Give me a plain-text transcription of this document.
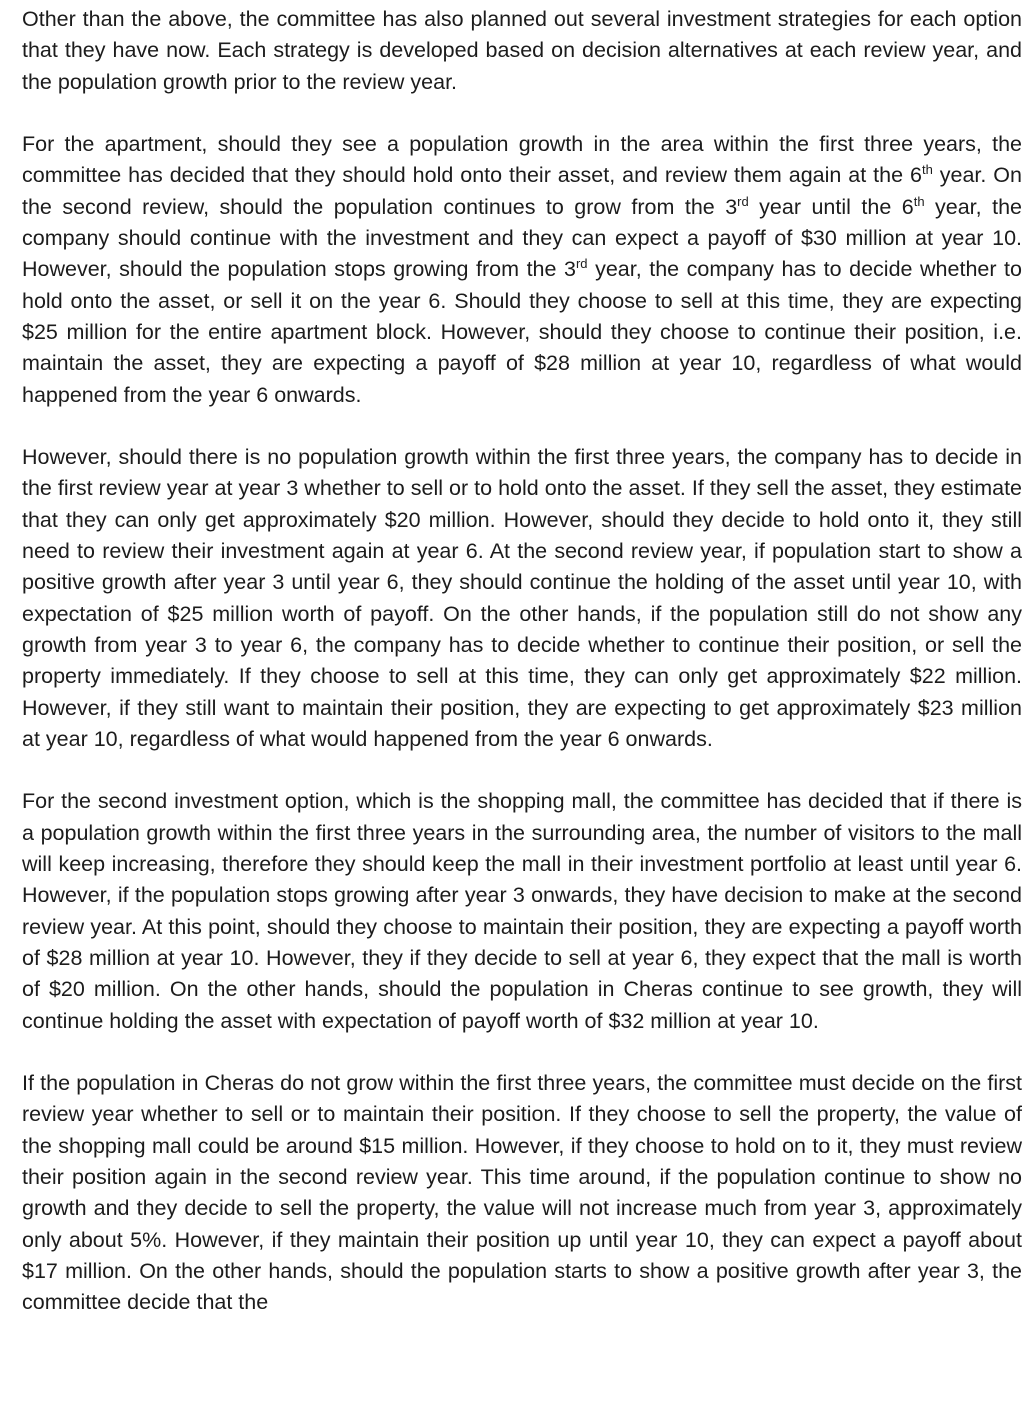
Other than the above, the committee has also planned out several investment strategies for each option that they have now. Each strategy is developed based on decision alternatives at each review year, and the population growth prior to the review year.

For the apartment, should they see a population growth in the area within the first three years, the committee has decided that they should hold onto their asset, and review them again at the 6th year. On the second review, should the population continues to grow from the 3rd year until the 6th year, the company should continue with the investment and they can expect a payoff of $30 million at year 10. However, should the population stops growing from the 3rd year, the company has to decide whether to hold onto the asset, or sell it on the year 6. Should they choose to sell at this time, they are expecting $25 million for the entire apartment block. However, should they choose to continue their position, i.e. maintain the asset, they are expecting a payoff of $28 million at year 10, regardless of what would happened from the year 6 onwards.

However, should there is no population growth within the first three years, the company has to decide in the first review year at year 3 whether to sell or to hold onto the asset. If they sell the asset, they estimate that they can only get approximately $20 million. However, should they decide to hold onto it, they still need to review their investment again at year 6. At the second review year, if population start to show a positive growth after year 3 until year 6, they should continue the holding of the asset until year 10, with expectation of $25 million worth of payoff. On the other hands, if the population still do not show any growth from year 3 to year 6, the company has to decide whether to continue their position, or sell the property immediately. If they choose to sell at this time, they can only get approximately $22 million. However, if they still want to maintain their position, they are expecting to get approximately $23 million at year 10, regardless of what would happened from the year 6 onwards.

For the second investment option, which is the shopping mall, the committee has decided that if there is a population growth within the first three years in the surrounding area, the number of visitors to the mall will keep increasing, therefore they should keep the mall in their investment portfolio at least until year 6. However, if the population stops growing after year 3 onwards, they have decision to make at the second review year. At this point, should they choose to maintain their position, they are expecting a payoff worth of $28 million at year 10. However, they if they decide to sell at year 6, they expect that the mall is worth of $20 million. On the other hands, should the population in Cheras continue to see growth, they will continue holding the asset with expectation of payoff worth of $32 million at year 10.

If the population in Cheras do not grow within the first three years, the committee must decide on the first review year whether to sell or to maintain their position. If they choose to sell the property, the value of the shopping mall could be around $15 million. However, if they choose to hold on to it, they must review their position again in the second review year. This time around, if the population continue to show no growth and they decide to sell the property, the value will not increase much from year 3, approximately only about 5%. However, if they maintain their position up until year 10, they can expect a payoff about $17 million. On the other hands, should the population starts to show a positive growth after year 3, the committee decide that the
